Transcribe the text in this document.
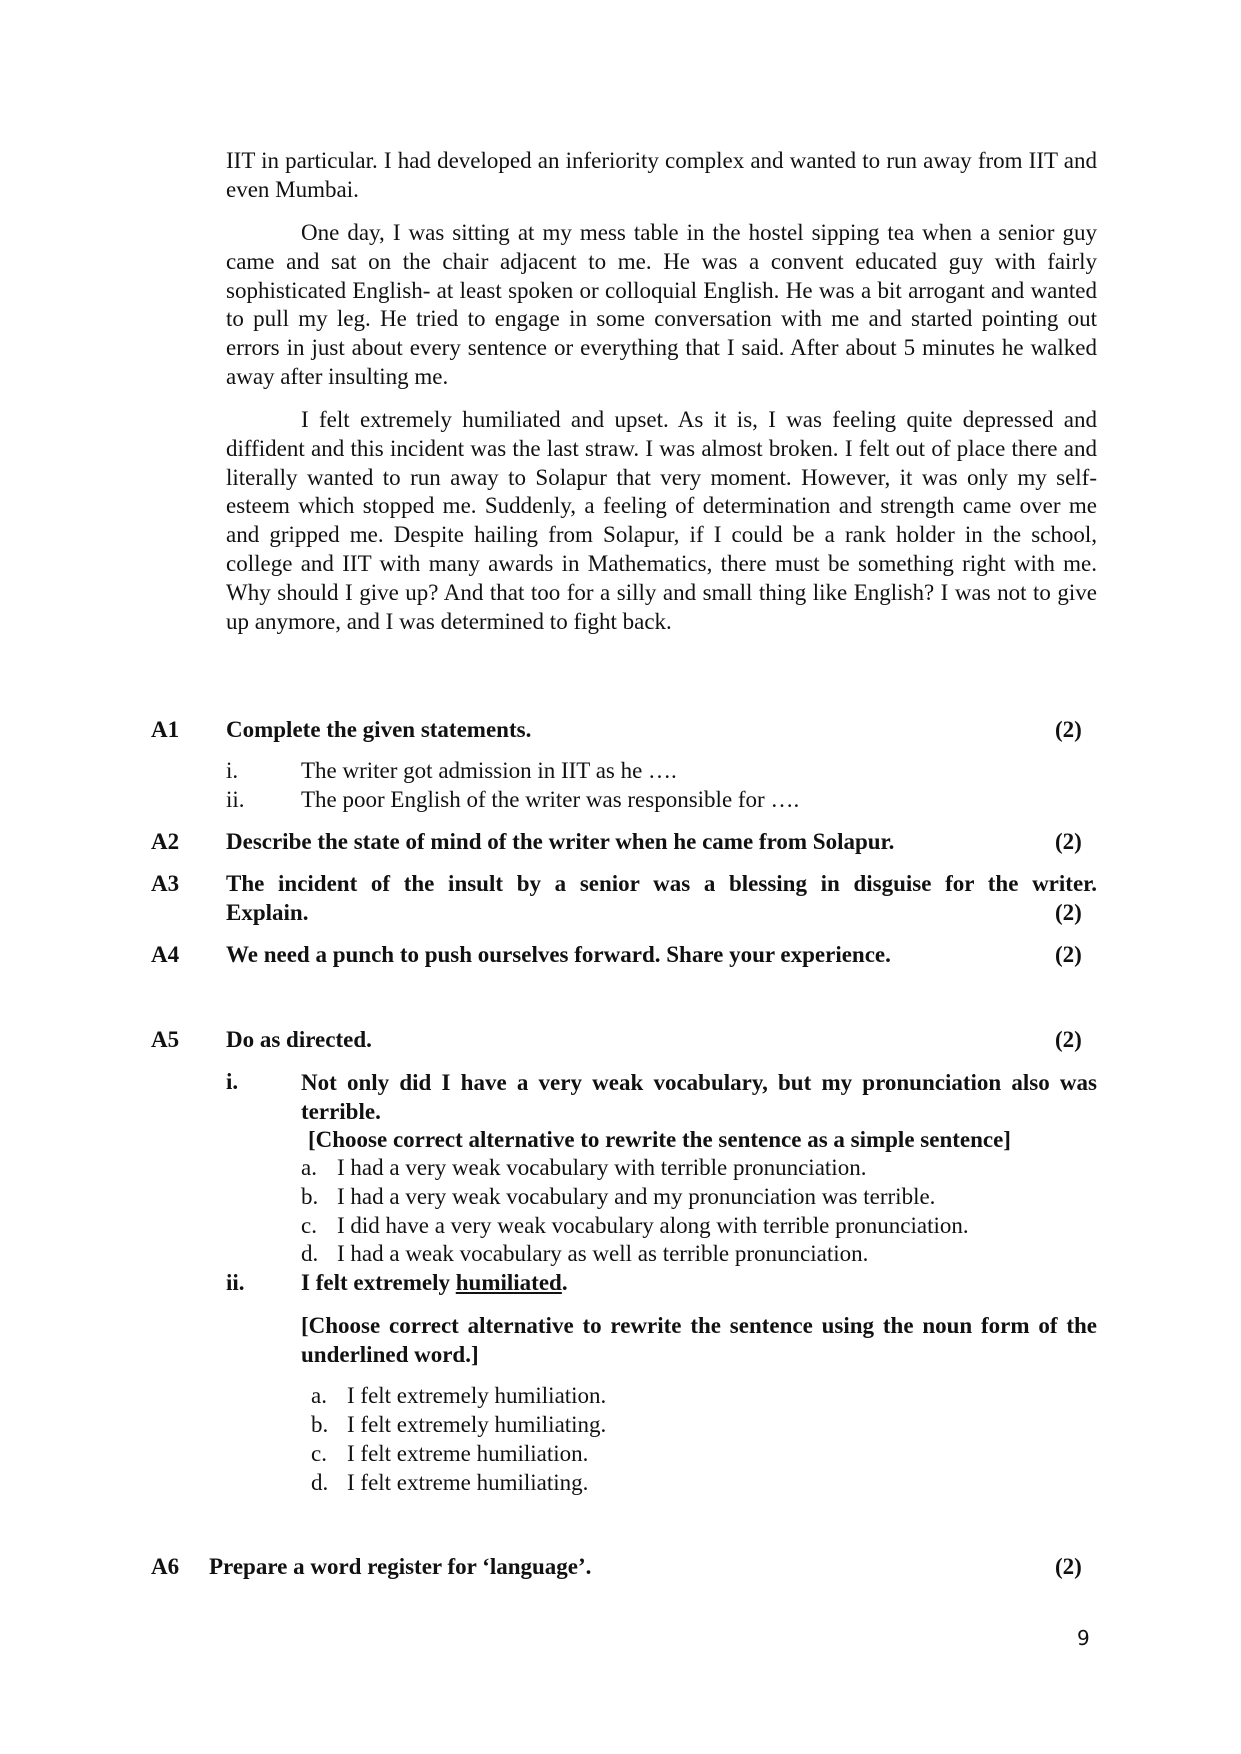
IIT in particular. I had developed an inferiority complex and wanted to run away from IIT and even Mumbai.
One day, I was sitting at my mess table in the hostel sipping tea when a senior guy came and sat on the chair adjacent to me. He was a convent educated guy with fairly sophisticated English- at least spoken or colloquial English. He was a bit arrogant and wanted to pull my leg. He tried to engage in some conversation with me and started pointing out errors in just about every sentence or everything that I said. After about 5 minutes he walked away after insulting me.
I felt extremely humiliated and upset. As it is, I was feeling quite depressed and diffident and this incident was the last straw. I was almost broken. I felt out of place there and literally wanted to run away to Solapur that very moment. However, it was only my self-esteem which stopped me. Suddenly, a feeling of determination and strength came over me and gripped me. Despite hailing from Solapur, if I could be a rank holder in the school, college and IIT with many awards in Mathematics, there must be something right with me. Why should I give up? And that too for a silly and small thing like English? I was not to give up anymore, and I was determined to fight back.
A1 Complete the given statements.	(2)
i.	The writer got admission in IIT as he ….
ii. The poor English of the writer was responsible for ….
A2 Describe the state of mind of the writer when he came from Solapur.	(2)
A3 The incident of the insult by a senior was a blessing in disguise for the writer.
Explain.	(2)
A4 We need a punch to push ourselves forward. Share your experience.	(2)
A5 Do as directed.	(2)
i.	Not only did I have a very weak vocabulary, but my pronunciation also was terrible.
[Choose correct alternative to rewrite the sentence as a simple sentence]
a. I had a very weak vocabulary with terrible pronunciation.
b. I had a very weak vocabulary and my pronunciation was terrible.
c. I did have a very weak vocabulary along with terrible pronunciation.
d. I had a weak vocabulary as well as terrible pronunciation.
ii. I felt extremely humiliated.
[Choose correct alternative to rewrite the sentence using the noun form of the underlined word.]
a. I felt extremely humiliation.
b. I felt extremely humiliating.
c. I felt extreme humiliation.
d. I felt extreme humiliating.
A6 Prepare a word register for ‘language’.	(2)
9
